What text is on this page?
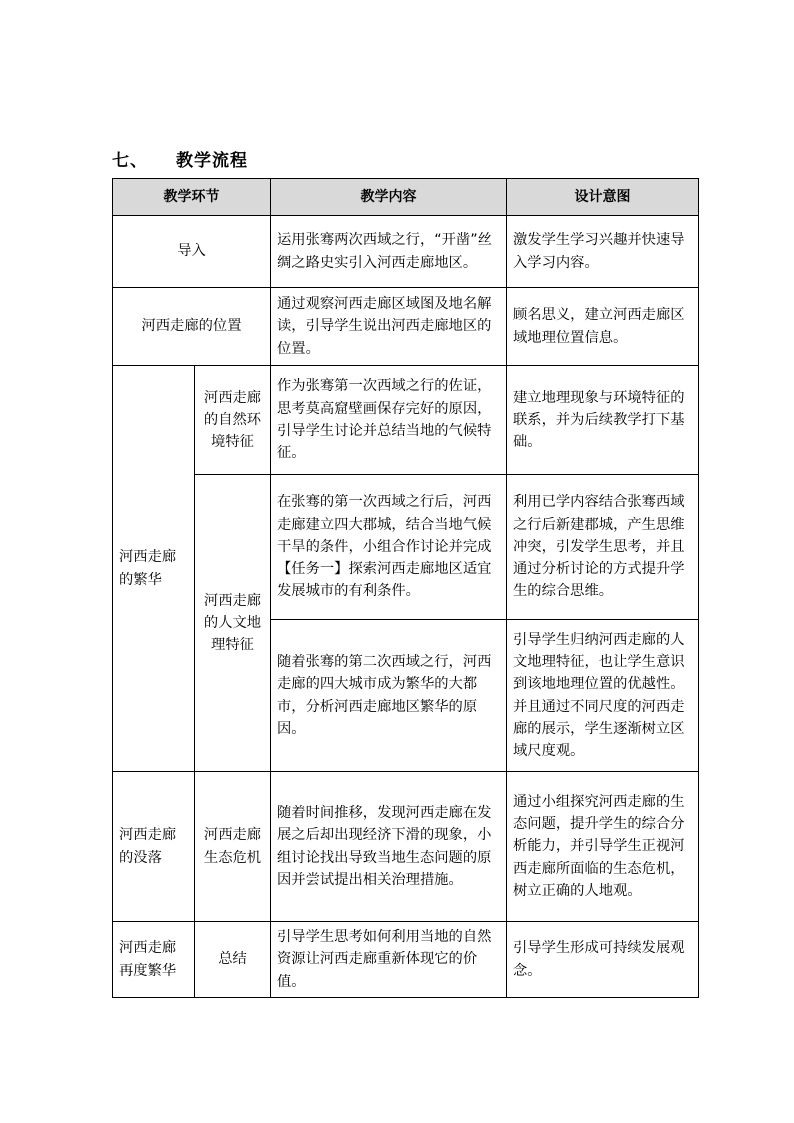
七、 教学流程
教学环节		教学内容	设计意图
导入		运用张骞两次西域之行，“开凿”丝绸之路史实引入河西走廊地区。	激发学生学习兴趣并快速导入学习内容。
河西走廊的位置		通过观察河西走廊区域图及地名解读，引导学生说出河西走廊地区的位置。	顾名思义，建立河西走廊区域地理位置信息。
河西走廊的繁华	河西走廊的自然环境特征	作为张骞第一次西域之行的佐证，思考莫高窟壁画保存完好的原因，引导学生讨论并总结当地的气候特征。	建立地理现象与环境特征的联系，并为后续教学打下基础。
	河西走廊的人文地理特征	在张骞的第一次西域之行后，河西走廊建立四大郡城，结合当地气候干旱的条件，小组合作讨论并完成【任务一】探索河西走廊地区适宜发展城市的有利条件。	利用已学内容结合张骞西域之行后新建郡城，产生思维冲突，引发学生思考，并且通过分析讨论的方式提升学生的综合思维。
		随着张骞的第二次西域之行，河西走廊的四大城市成为繁华的大都市，分析河西走廊地区繁华的原因。	引导学生归纳河西走廊的人文地理特征，也让学生意识到该地地理位置的优越性。并且通过不同尺度的河西走廊的展示，学生逐渐树立区域尺度观。
河西走廊的没落	河西走廊生态危机	随着时间推移，发现河西走廊在发展之后却出现经济下滑的现象，小组讨论找出导致当地生态问题的原因并尝试提出相关治理措施。	通过小组探究河西走廊的生态问题，提升学生的综合分析能力，并引导学生正视河西走廊所面临的生态危机，树立正确的人地观。
河西走廊再度繁华	总结	引导学生思考如何利用当地的自然资源让河西走廊重新体现它的价值。	引导学生形成可持续发展观念。
